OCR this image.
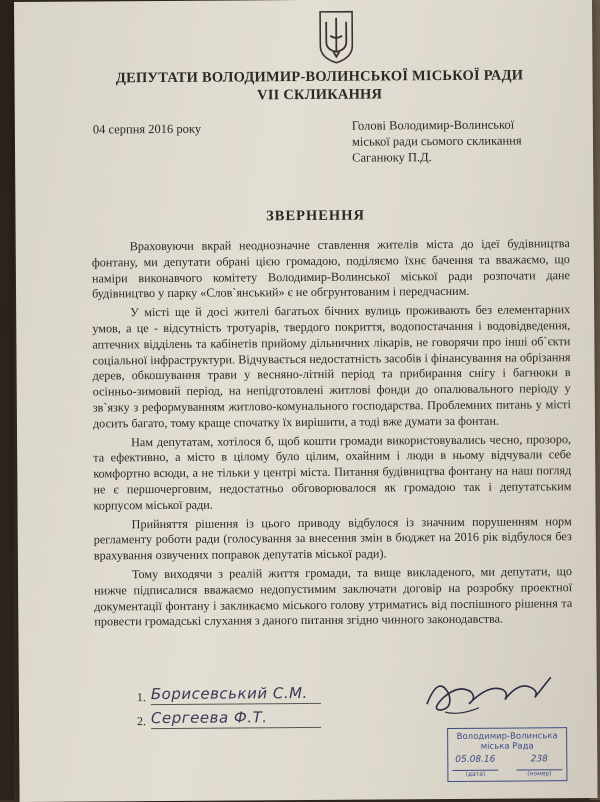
ДЕПУТАТИ ВОЛОДИМИР-ВОЛИНСЬКОЇ МІСЬКОЇ РАДИ
VII СКЛИКАННЯ
04 серпня 2016 року	Голові Володимир-Волинської
міської ради сьомого скликання
Саганюку П.Д.
ЗВЕРНЕННЯ

Враховуючи вкрай неоднозначне ставлення жителів міста до ідеї будівництва фонтану, ми депутати обрані цією громадою, поділяємо їхнє бачення та вважаємо, що наміри виконавчого комітету Володимир-Волинської міської ради розпочати дане будівництво у парку «Слов`янський» є не обгрунтованим і передчасним.

У місті ще й досі жителі багатьох бічних вулиць проживають без елементарних умов, а це - відсутність тротуарів, твердого покриття, водопостачання і водовідведення, аптечних відділень та кабінетів прийому дільничних лікарів, не говорячи про інші об`єкти соціальної інфраструктури. Відчувається недостатність засобів і фінансування на обрізання дерев, обкошування трави у весняно-літній період та прибирання снігу і багнюки в осінньо-зимовий період, на непідготовлені житлові фонди до опалювального періоду у зв`язку з реформуванням житлово-комунального господарства. Проблемних питань у місті досить багато, тому краще спочатку їх вирішити, а тоді вже думати за фонтан.

Нам депутатам, хотілося б, щоб кошти громади використовувались чесно, прозоро, та ефективно, а місто в цілому було цілим, охайним і люди в ньому відчували себе комфортно всюди, а не тільки у центрі міста. Питання будівництва фонтану на наш погляд не є першочерговим, недостатньо обговорювалося як громадою так і депутатським корпусом міської ради.

Прийняття рішення із цього приводу відбулося із значним порушенням норм регламенту роботи ради (голосування за внесення змін в бюджет на 2016 рік відбулося без врахування озвучених поправок депутатів міської ради).

Тому виходячи з реалій життя громади, та вище викладеного, ми депутати, що нижче підписалися вважаємо недопустимим заключати договір на розробку проектної документації фонтану і закликаємо міського голову утриматись від поспішного рішення та провести громадські слухання з даного питання згідно чинного законодавства.

1. Борисевський С.М.
2. Сергеева Ф.Т.
Володимир-Волинська
міська Рада
05.08.16
(дата)
238
(номер)
